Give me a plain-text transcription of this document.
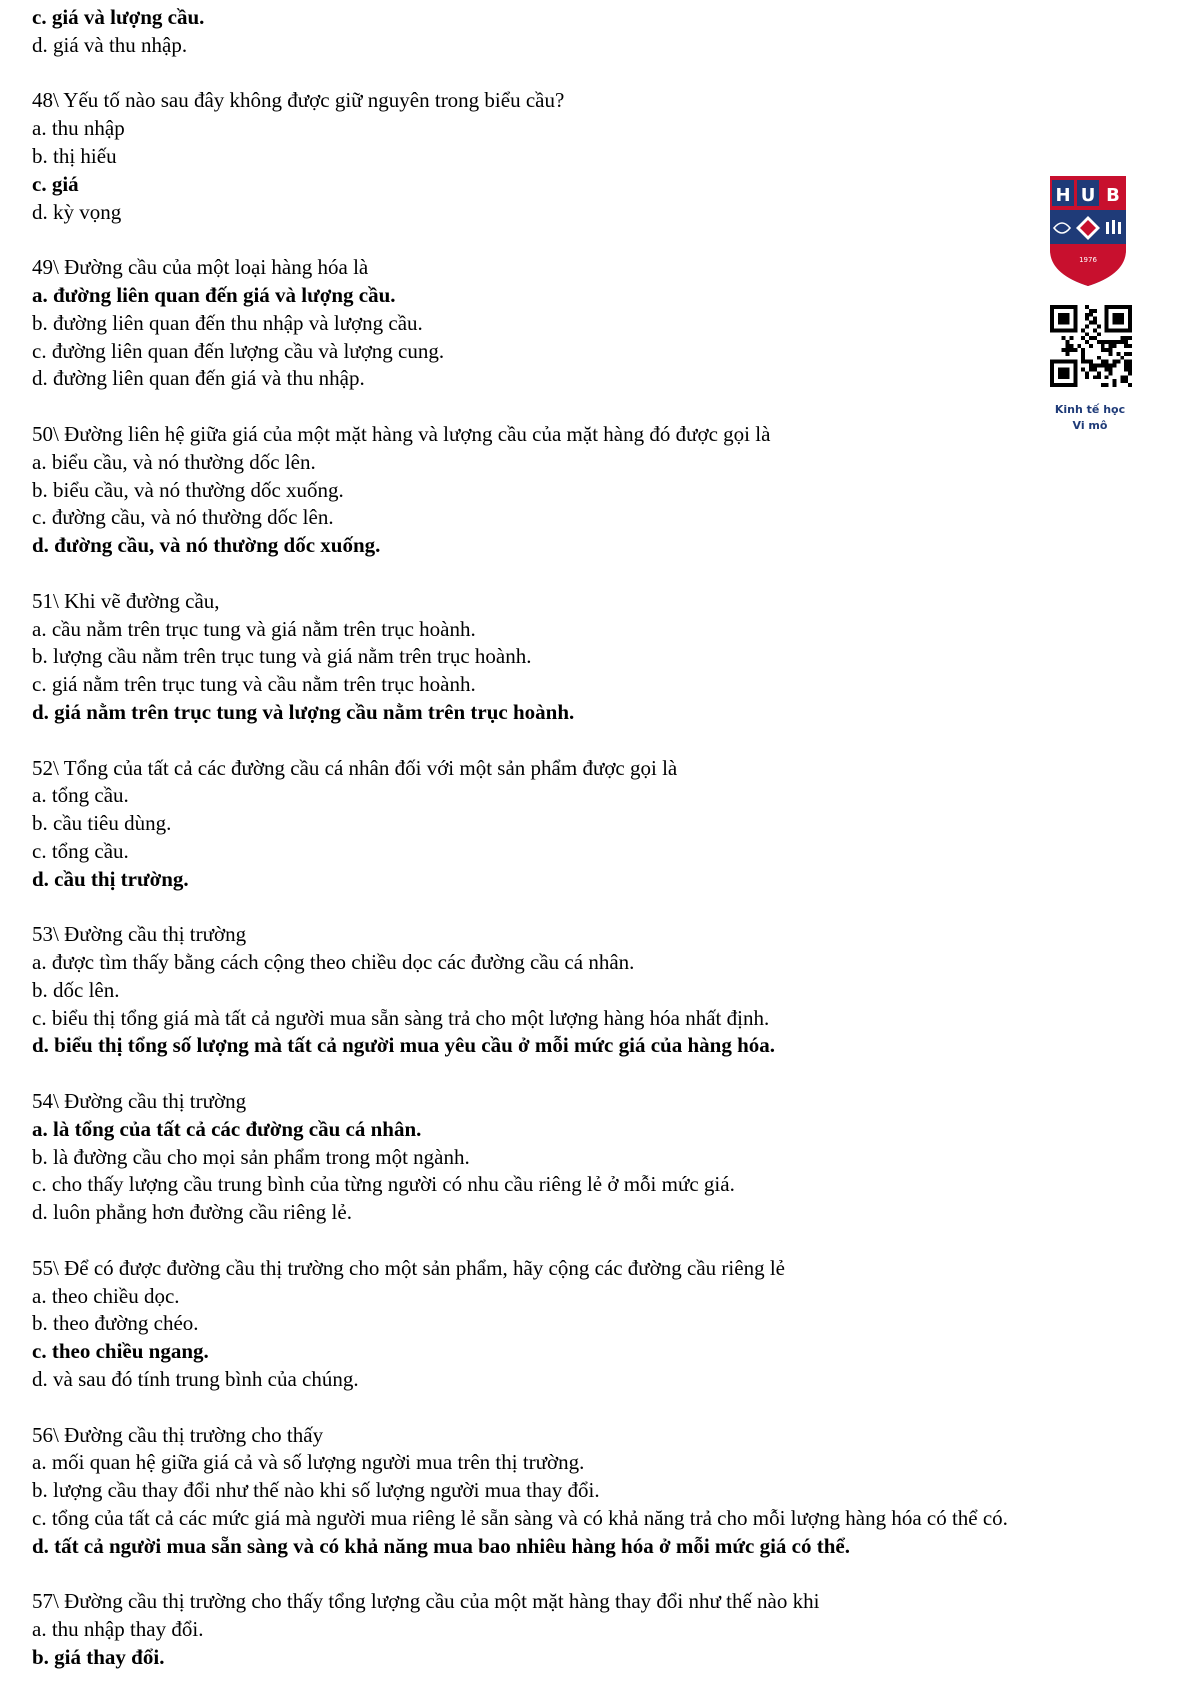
c. giá và lượng cầu.
d. giá và thu nhập.
48\ Yếu tố nào sau đây không được giữ nguyên trong biểu cầu?
a. thu nhập
b. thị hiếu
c. giá
d. kỳ vọng
49\ Đường cầu của một loại hàng hóa là
a. đường liên quan đến giá và lượng cầu.
b. đường liên quan đến thu nhập và lượng cầu.
c. đường liên quan đến lượng cầu và lượng cung.
d. đường liên quan đến giá và thu nhập.
50\ Đường liên hệ giữa giá của một mặt hàng và lượng cầu của mặt hàng đó được gọi là
a. biểu cầu, và nó thường dốc lên.
b. biểu cầu, và nó thường dốc xuống.
c. đường cầu, và nó thường dốc lên.
d. đường cầu, và nó thường dốc xuống.
51\ Khi vẽ đường cầu,
a. cầu nằm trên trục tung và giá nằm trên trục hoành.
b. lượng cầu nằm trên trục tung và giá nằm trên trục hoành.
c. giá nằm trên trục tung và cầu nằm trên trục hoành.
d. giá nằm trên trục tung và lượng cầu nằm trên trục hoành.
52\ Tổng của tất cả các đường cầu cá nhân đối với một sản phẩm được gọi là
a. tổng cầu.
b. cầu tiêu dùng.
c. tổng cầu.
d. cầu thị trường.
53\ Đường cầu thị trường
a. được tìm thấy bằng cách cộng theo chiều dọc các đường cầu cá nhân.
b. dốc lên.
c. biểu thị tổng giá mà tất cả người mua sẵn sàng trả cho một lượng hàng hóa nhất định.
d. biểu thị tổng số lượng mà tất cả người mua yêu cầu ở mỗi mức giá của hàng hóa.
54\ Đường cầu thị trường
a. là tổng của tất cả các đường cầu cá nhân.
b. là đường cầu cho mọi sản phẩm trong một ngành.
c. cho thấy lượng cầu trung bình của từng người có nhu cầu riêng lẻ ở mỗi mức giá.
d. luôn phẳng hơn đường cầu riêng lẻ.
55\ Để có được đường cầu thị trường cho một sản phẩm, hãy cộng các đường cầu riêng lẻ
a. theo chiều dọc.
b. theo đường chéo.
c. theo chiều ngang.
d. và sau đó tính trung bình của chúng.
56\ Đường cầu thị trường cho thấy
a. mối quan hệ giữa giá cả và số lượng người mua trên thị trường.
b. lượng cầu thay đổi như thế nào khi số lượng người mua thay đổi.
c. tổng của tất cả các mức giá mà người mua riêng lẻ sẵn sàng và có khả năng trả cho mỗi lượng hàng hóa có thể có.
d. tất cả người mua sẵn sàng và có khả năng mua bao nhiêu hàng hóa ở mỗi mức giá có thể.
57\ Đường cầu thị trường cho thấy tổng lượng cầu của một mặt hàng thay đổi như thế nào khi
a. thu nhập thay đổi.
b. giá thay đổi.
H U B
1976
Kinh tế học
Vi mô
